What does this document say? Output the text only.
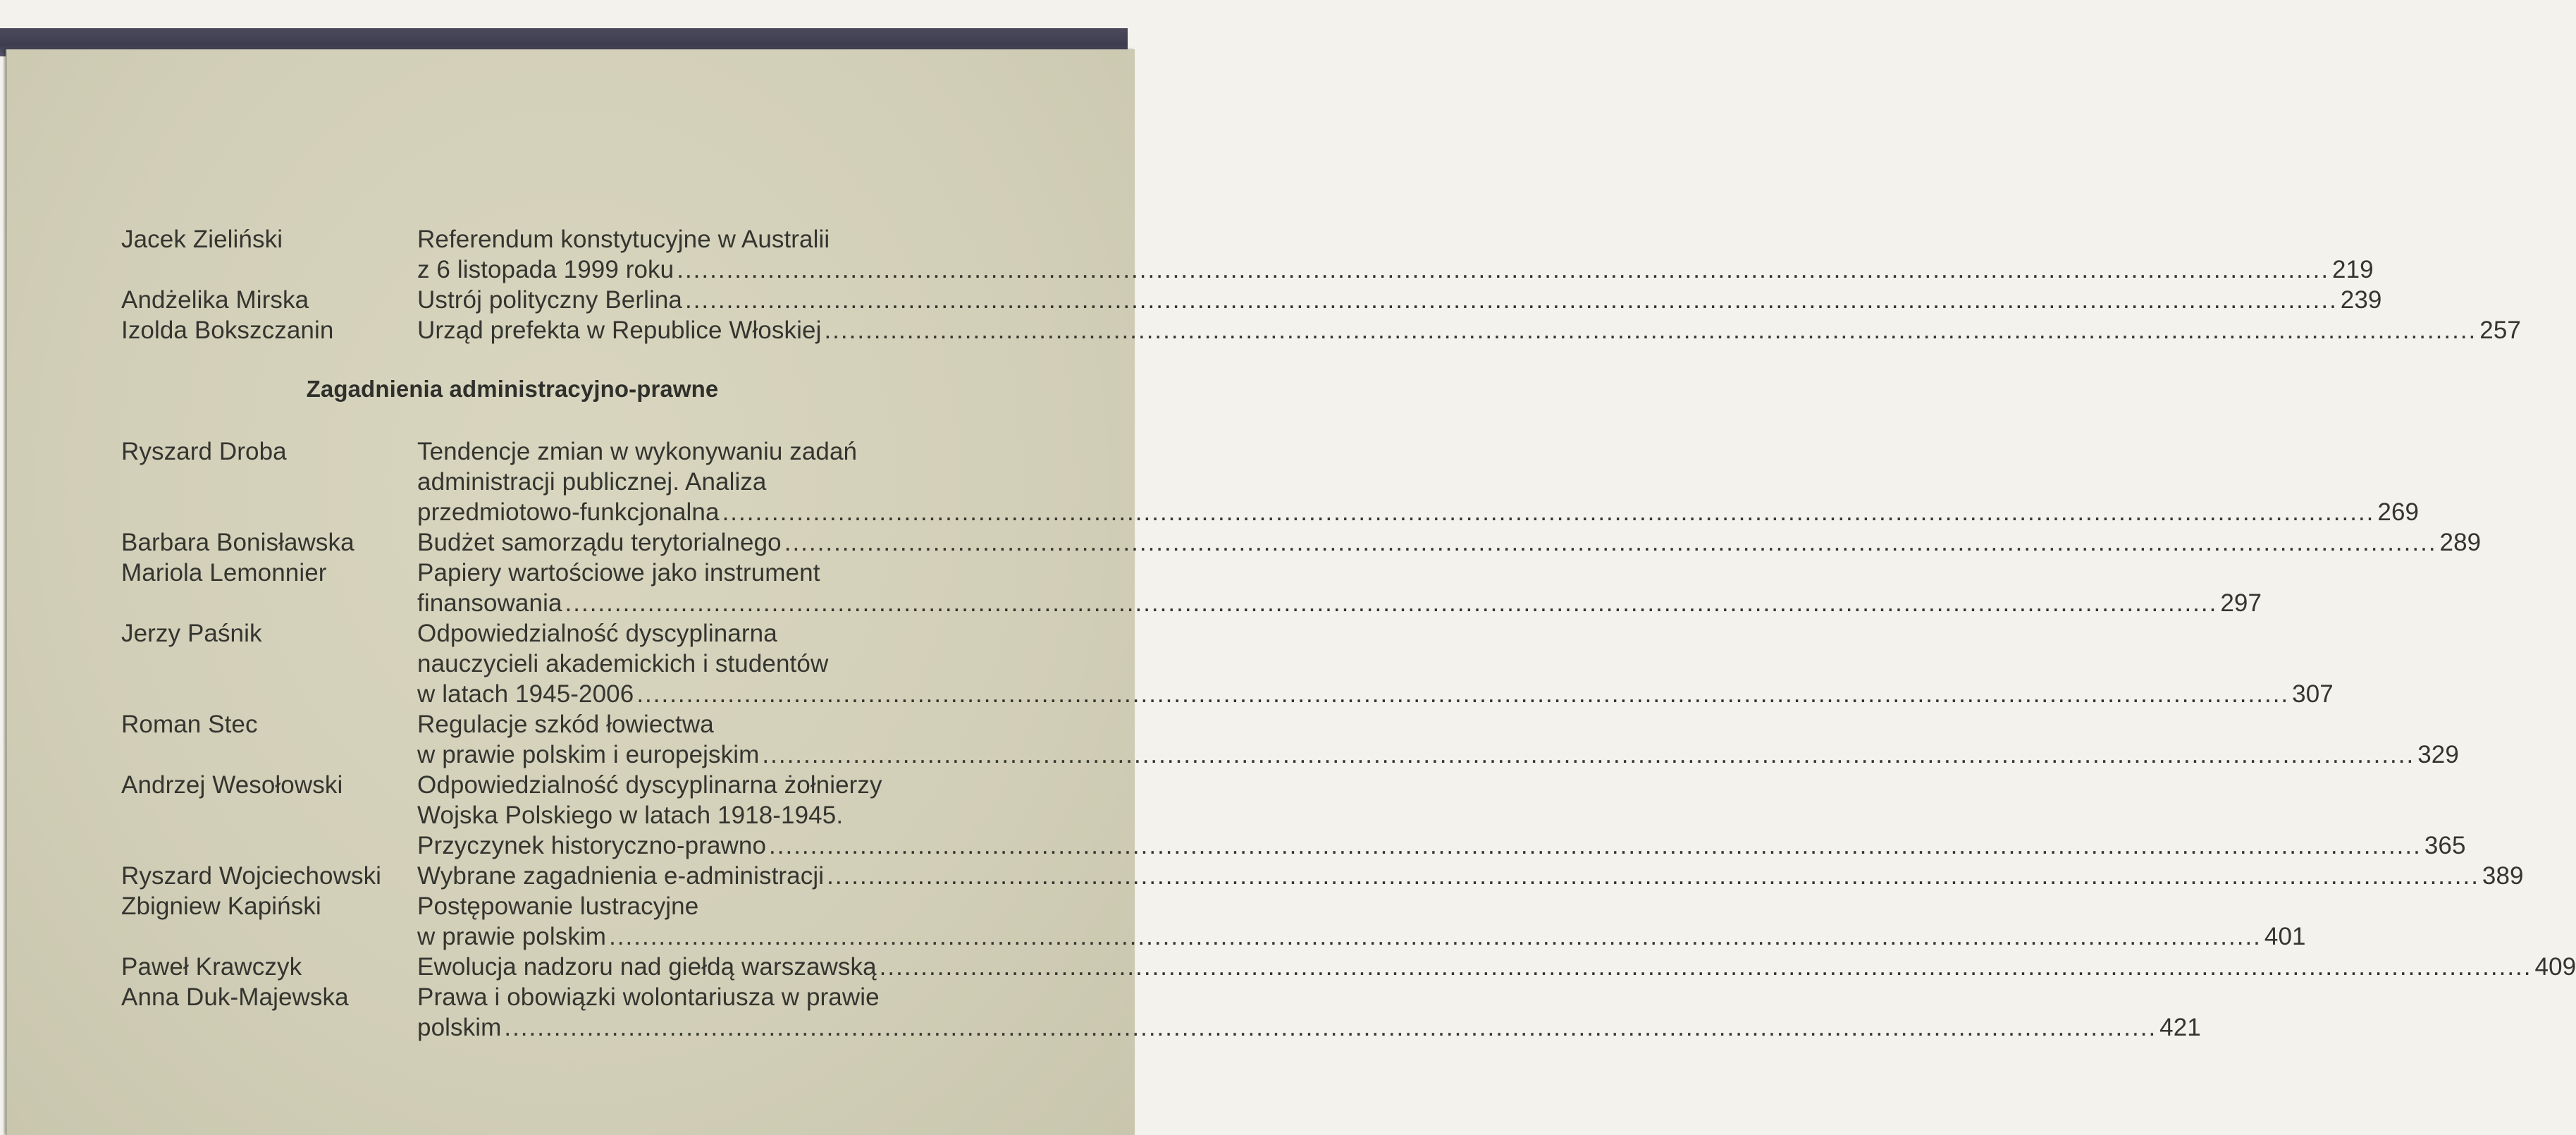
Jacek Zieliński	Referendum konstytucyjne w Australii
z 6 listopada 1999 roku ........................................................................................................................................................................................................ 219
Andżelika Mirska	Ustrój polityczny Berlina ........................................................................................................................................................................................................ 239
Izolda Bokszczanin	Urząd prefekta w Republice Włoskiej ........................................................................................................................................................................................................ 257
Zagadnienia administracyjno-prawne
Ryszard Droba	Tendencje zmian w wykonywaniu zadań
administracji publicznej. Analiza
przedmiotowo-funkcjonalna ........................................................................................................................................................................................................ 269
Barbara Bonisławska	Budżet samorządu terytorialnego ........................................................................................................................................................................................................ 289
Mariola Lemonnier	Papiery wartościowe jako instrument
finansowania ........................................................................................................................................................................................................ 297
Jerzy Paśnik	Odpowiedzialność dyscyplinarna
nauczycieli akademickich i studentów
w latach 1945-2006 ........................................................................................................................................................................................................ 307
Roman Stec	Regulacje szkód łowiectwa
w prawie polskim i europejskim ........................................................................................................................................................................................................ 329
Andrzej Wesołowski	Odpowiedzialność dyscyplinarna żołnierzy
Wojska Polskiego w latach 1918-1945.
Przyczynek historyczno-prawno ........................................................................................................................................................................................................ 365
Ryszard Wojciechowski	Wybrane zagadnienia e-administracji ........................................................................................................................................................................................................ 389
Zbigniew Kapiński	Postępowanie lustracyjne
w prawie polskim ........................................................................................................................................................................................................ 401
Paweł Krawczyk	Ewolucja nadzoru nad giełdą warszawską ........................................................................................................................................................................................................ 409
Anna Duk-Majewska	Prawa i obowiązki wolontariusza w prawie
polskim ........................................................................................................................................................................................................ 421
